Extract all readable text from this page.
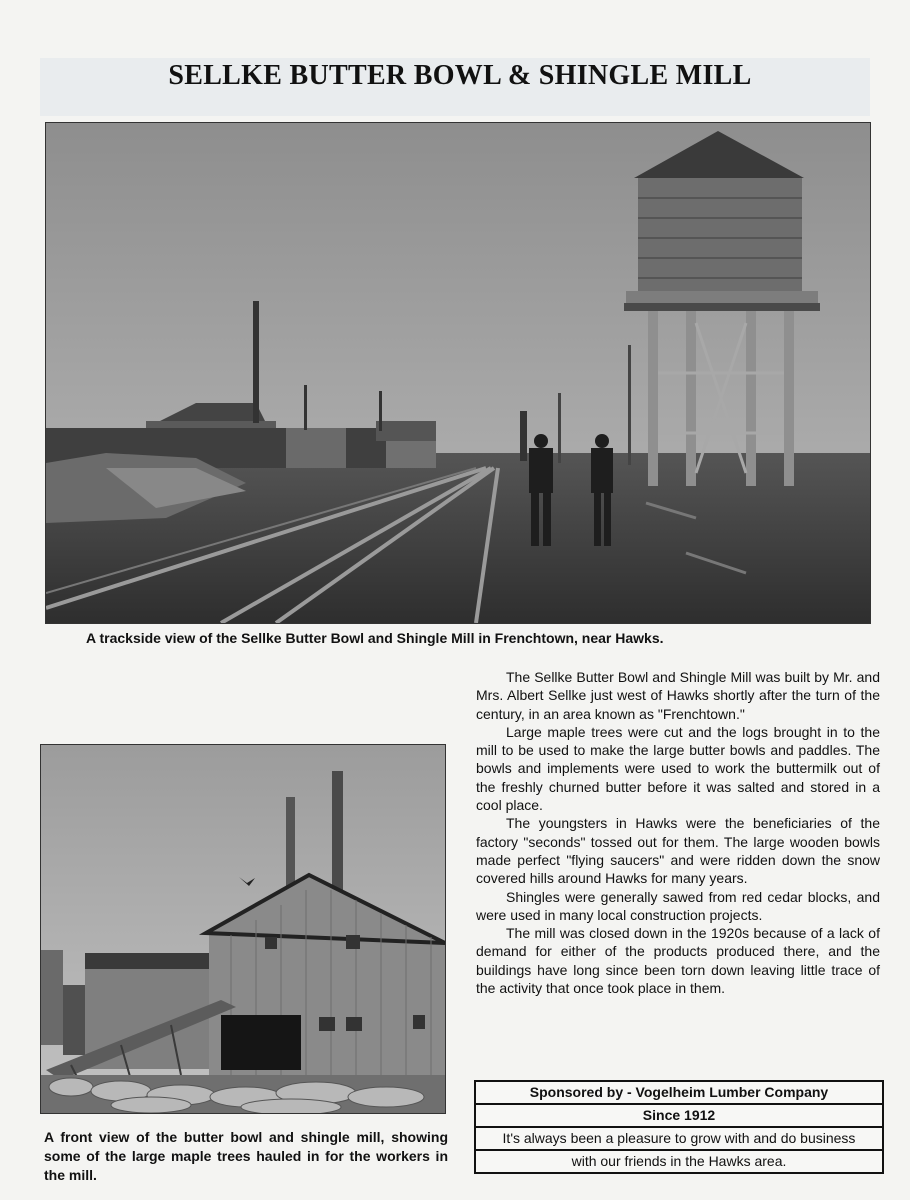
SELLKE BUTTER BOWL & SHINGLE MILL
A trackside view of the Sellke Butter Bowl and Shingle Mill in Frenchtown, near Hawks.
A front view of the butter bowl and shingle mill, showing some of the large maple trees hauled in for the workers in the mill.

The Sellke Butter Bowl and Shingle Mill was built by Mr. and Mrs. Albert Sellke just west of Hawks shortly after the turn of the century, in an area known as "Frenchtown."

Large maple trees were cut and the logs brought in to the mill to be used to make the large butter bowls and paddles. The bowls and implements were used to work the buttermilk out of the freshly churned butter before it was salted and stored in a cool place.

The youngsters in Hawks were the beneficiaries of the factory "seconds" tossed out for them. The large wooden bowls made perfect "flying saucers" and were ridden down the snow covered hills around Hawks for many years.

Shingles were generally sawed from red cedar blocks, and were used in many local construction projects.

The mill was closed down in the 1920s because of a lack of demand for either of the products produced there, and the buildings have long since been torn down leaving little trace of the activity that once took place in them.

Sponsored by - Vogelheim Lumber Company
Since 1912
It's always been a pleasure to grow with and do business
with our friends in the Hawks area.
